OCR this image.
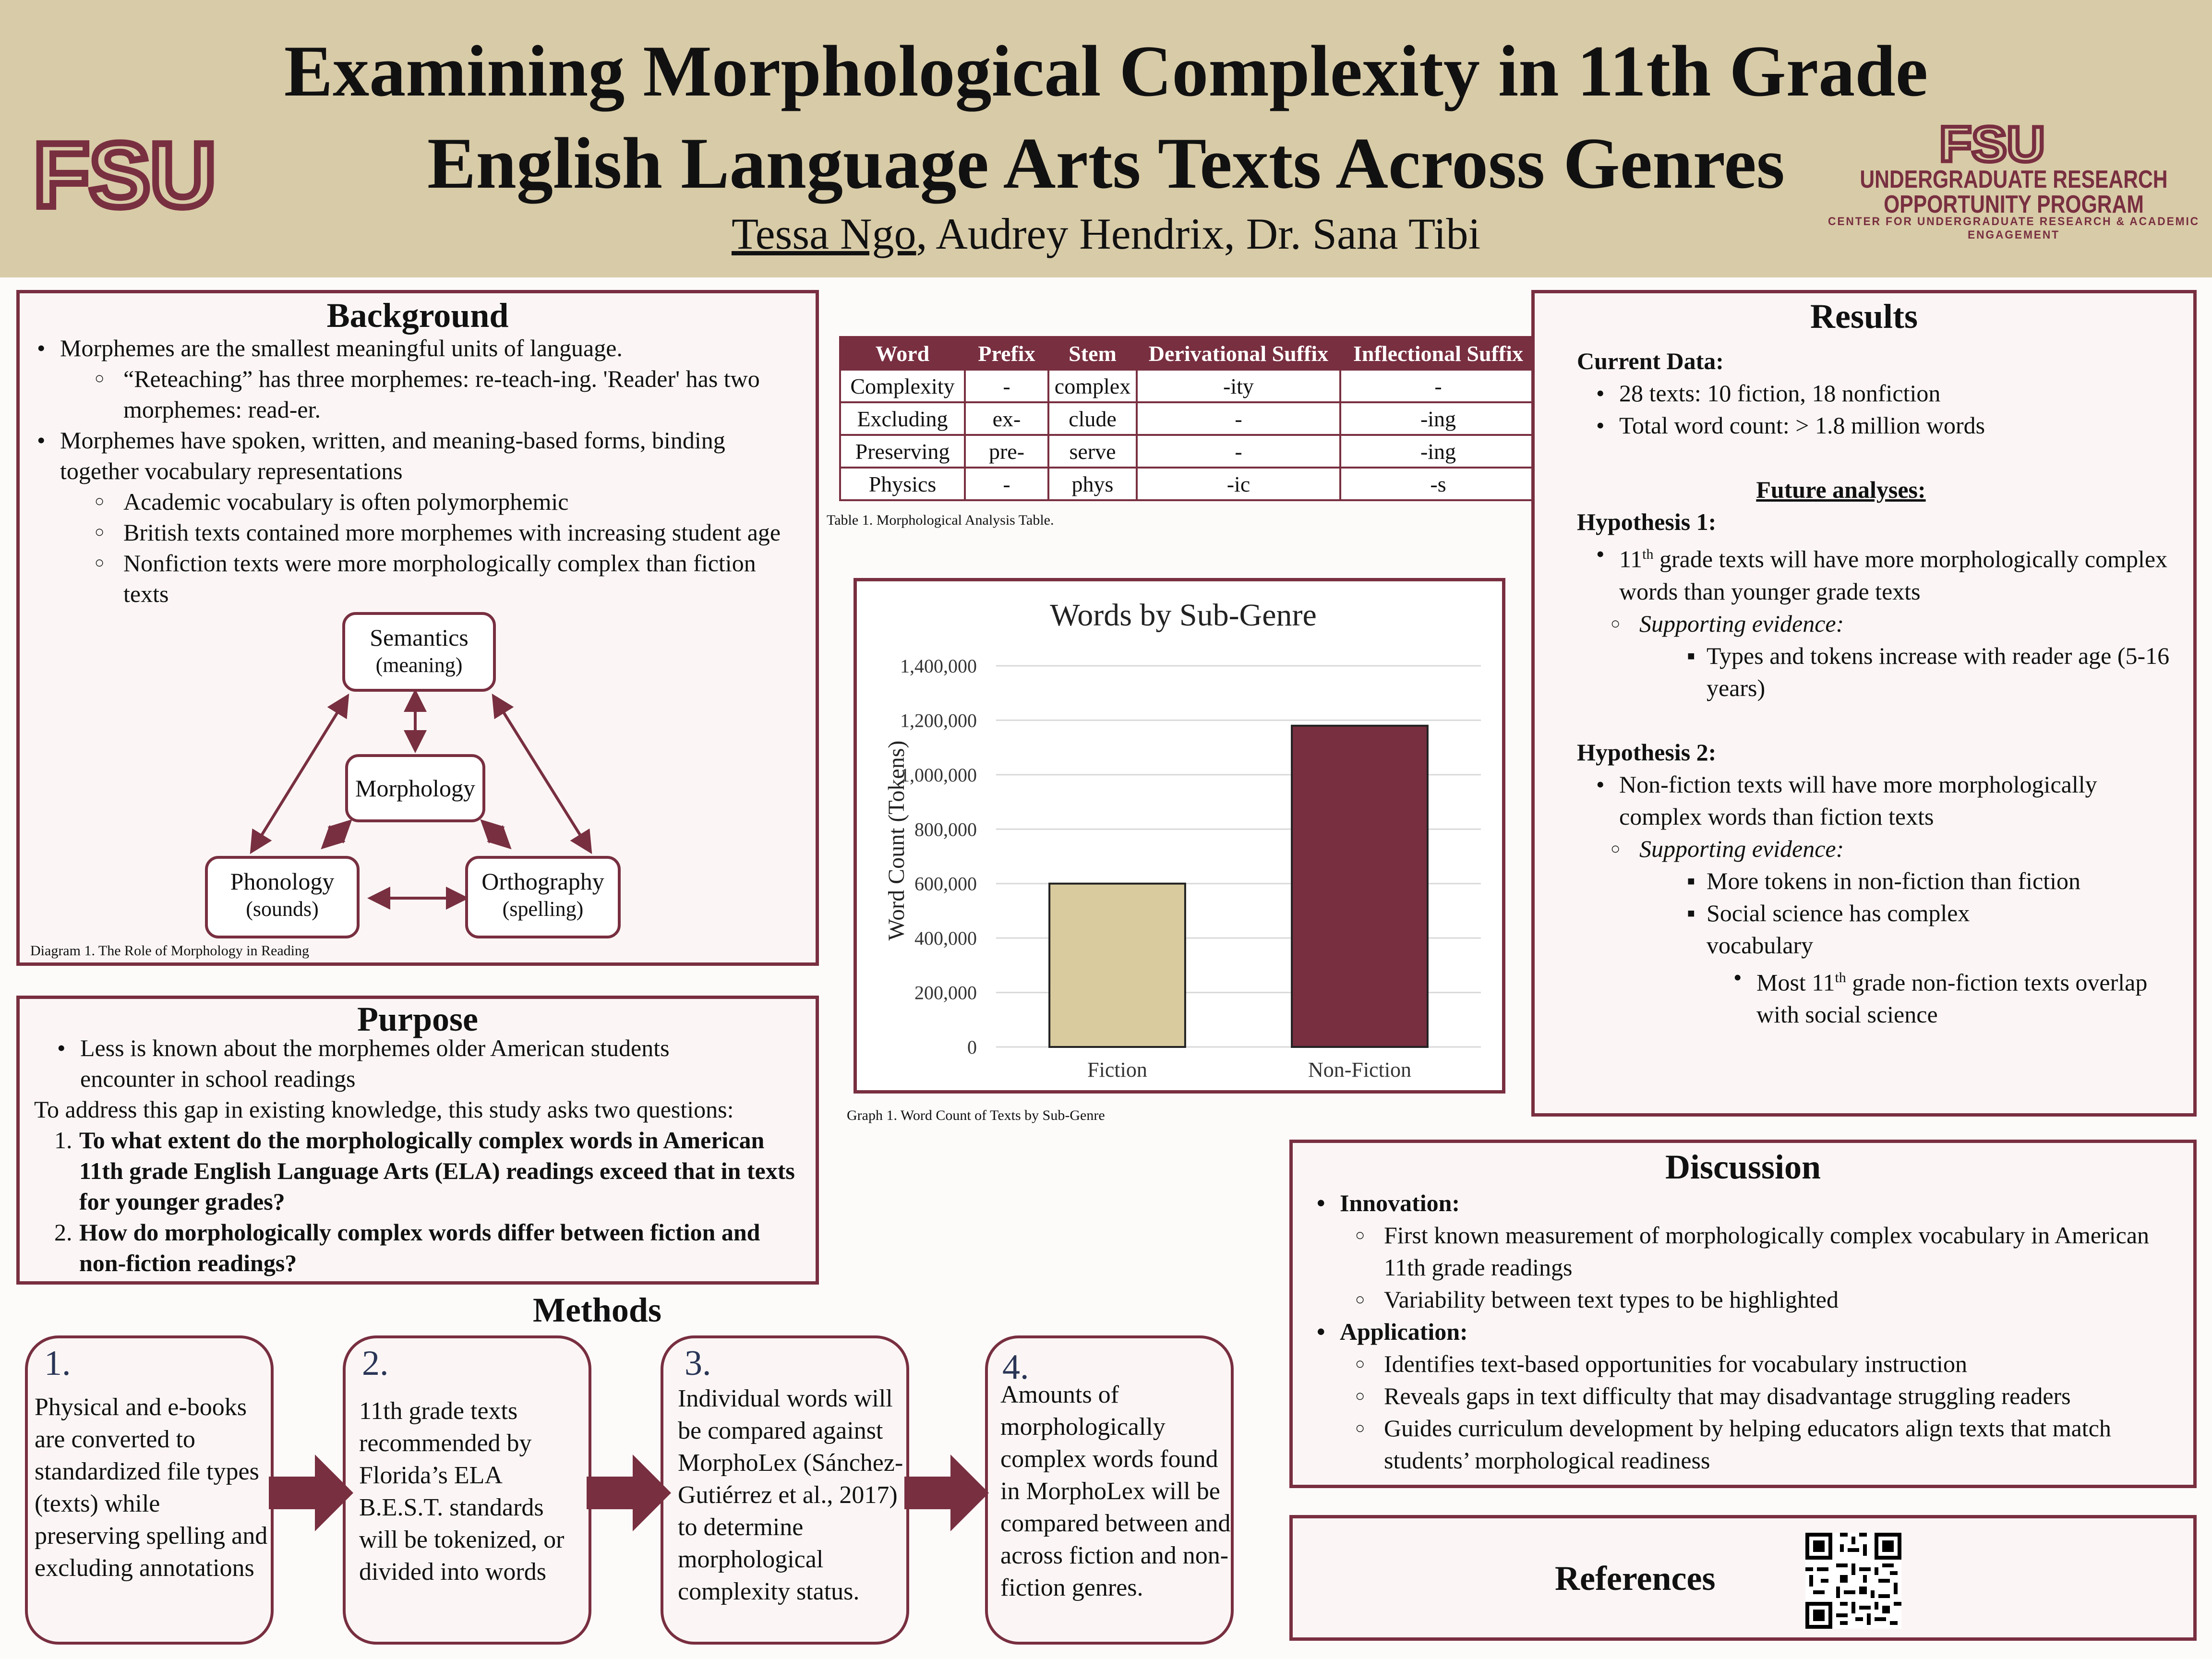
Examining Morphological Complexity in 11th Grade
English Language Arts Texts Across Genres
Tessa Ngo, Audrey Hendrix, Dr. Sana Tibi
FSU	FSU
UNDERGRADUATE RESEARCH
OPPORTUNITY PROGRAM
CENTER FOR UNDERGRADUATE RESEARCH & ACADEMIC ENGAGEMENT
Background
• Morphemes are the smallest meaningful units of language.
○ “Reteaching” has three morphemes: re-teach-ing. 'Reader' has two morphemes: read-er.
• Morphemes have spoken, written, and meaning-based forms, binding together vocabulary representations
○ Academic vocabulary is often polymorphemic
○ British texts contained more morphemes with increasing student age
○ Nonfiction texts were more morphologically complex than fiction texts
Semantics
(meaning)
Morphology
Phonology
(sounds)
Orthography
(spelling)
Diagram 1. The Role of Morphology in Reading
Purpose
• Less is known about the morphemes older American students encounter in school readings
To address this gap in existing knowledge, this study asks two questions:
1. To what extent do the morphologically complex words in American 11th grade English Language Arts (ELA) readings exceed that in texts for younger grades?
2. How do morphologically complex words differ between fiction and non-fiction readings?
Methods
1.
Physical and e-books are converted to standardized file types (texts) while preserving spelling and excluding annotations
2.
11th grade texts recommended by Florida’s ELA B.E.S.T. standards will be tokenized, or divided into words
3.
Individual words will be compared against MorphoLex (Sánchez-Gutiérrez et al., 2017) to determine morphological complexity status.
4.
Amounts of morphologically complex words found in MorphoLex will be compared between and across fiction and non-fiction genres.
Word	Prefix	Stem	Derivational Suffix	Inflectional Suffix
Complexity	-	complex	-ity	-
Excluding	ex-	clude	-	-ing
Preserving	pre-	serve	-	-ing
Physics	-	phys	-ic	-s
Table 1. Morphological Analysis Table.
Words by Sub-Genre
Word Count (Tokens)
0
200,000
400,000
600,000
800,000
1,000,000
1,200,000
1,400,000
Fiction	Non-Fiction
Graph 1. Word Count of Texts by Sub-Genre
Results
Current Data:
• 28 texts: 10 fiction, 18 nonfiction
• Total word count: > 1.8 million words
Future analyses:
Hypothesis 1:
• 11th grade texts will have more morphologically complex words than younger grade texts
○ Supporting evidence:
■ Types and tokens increase with reader age (5-16 years)
Hypothesis 2:
• Non-fiction texts will have more morphologically complex words than fiction texts
○ Supporting evidence:
■ More tokens in non-fiction than fiction
■ Social science has complex vocabulary
• Most 11th grade non-fiction texts overlap with social science
Discussion
• Innovation:
○ First known measurement of morphologically complex vocabulary in American 11th grade readings
○ Variability between text types to be highlighted
• Application:
○ Identifies text-based opportunities for vocabulary instruction
○ Reveals gaps in text difficulty that may disadvantage struggling readers
○ Guides curriculum development by helping educators align texts that match students’ morphological readiness
References
